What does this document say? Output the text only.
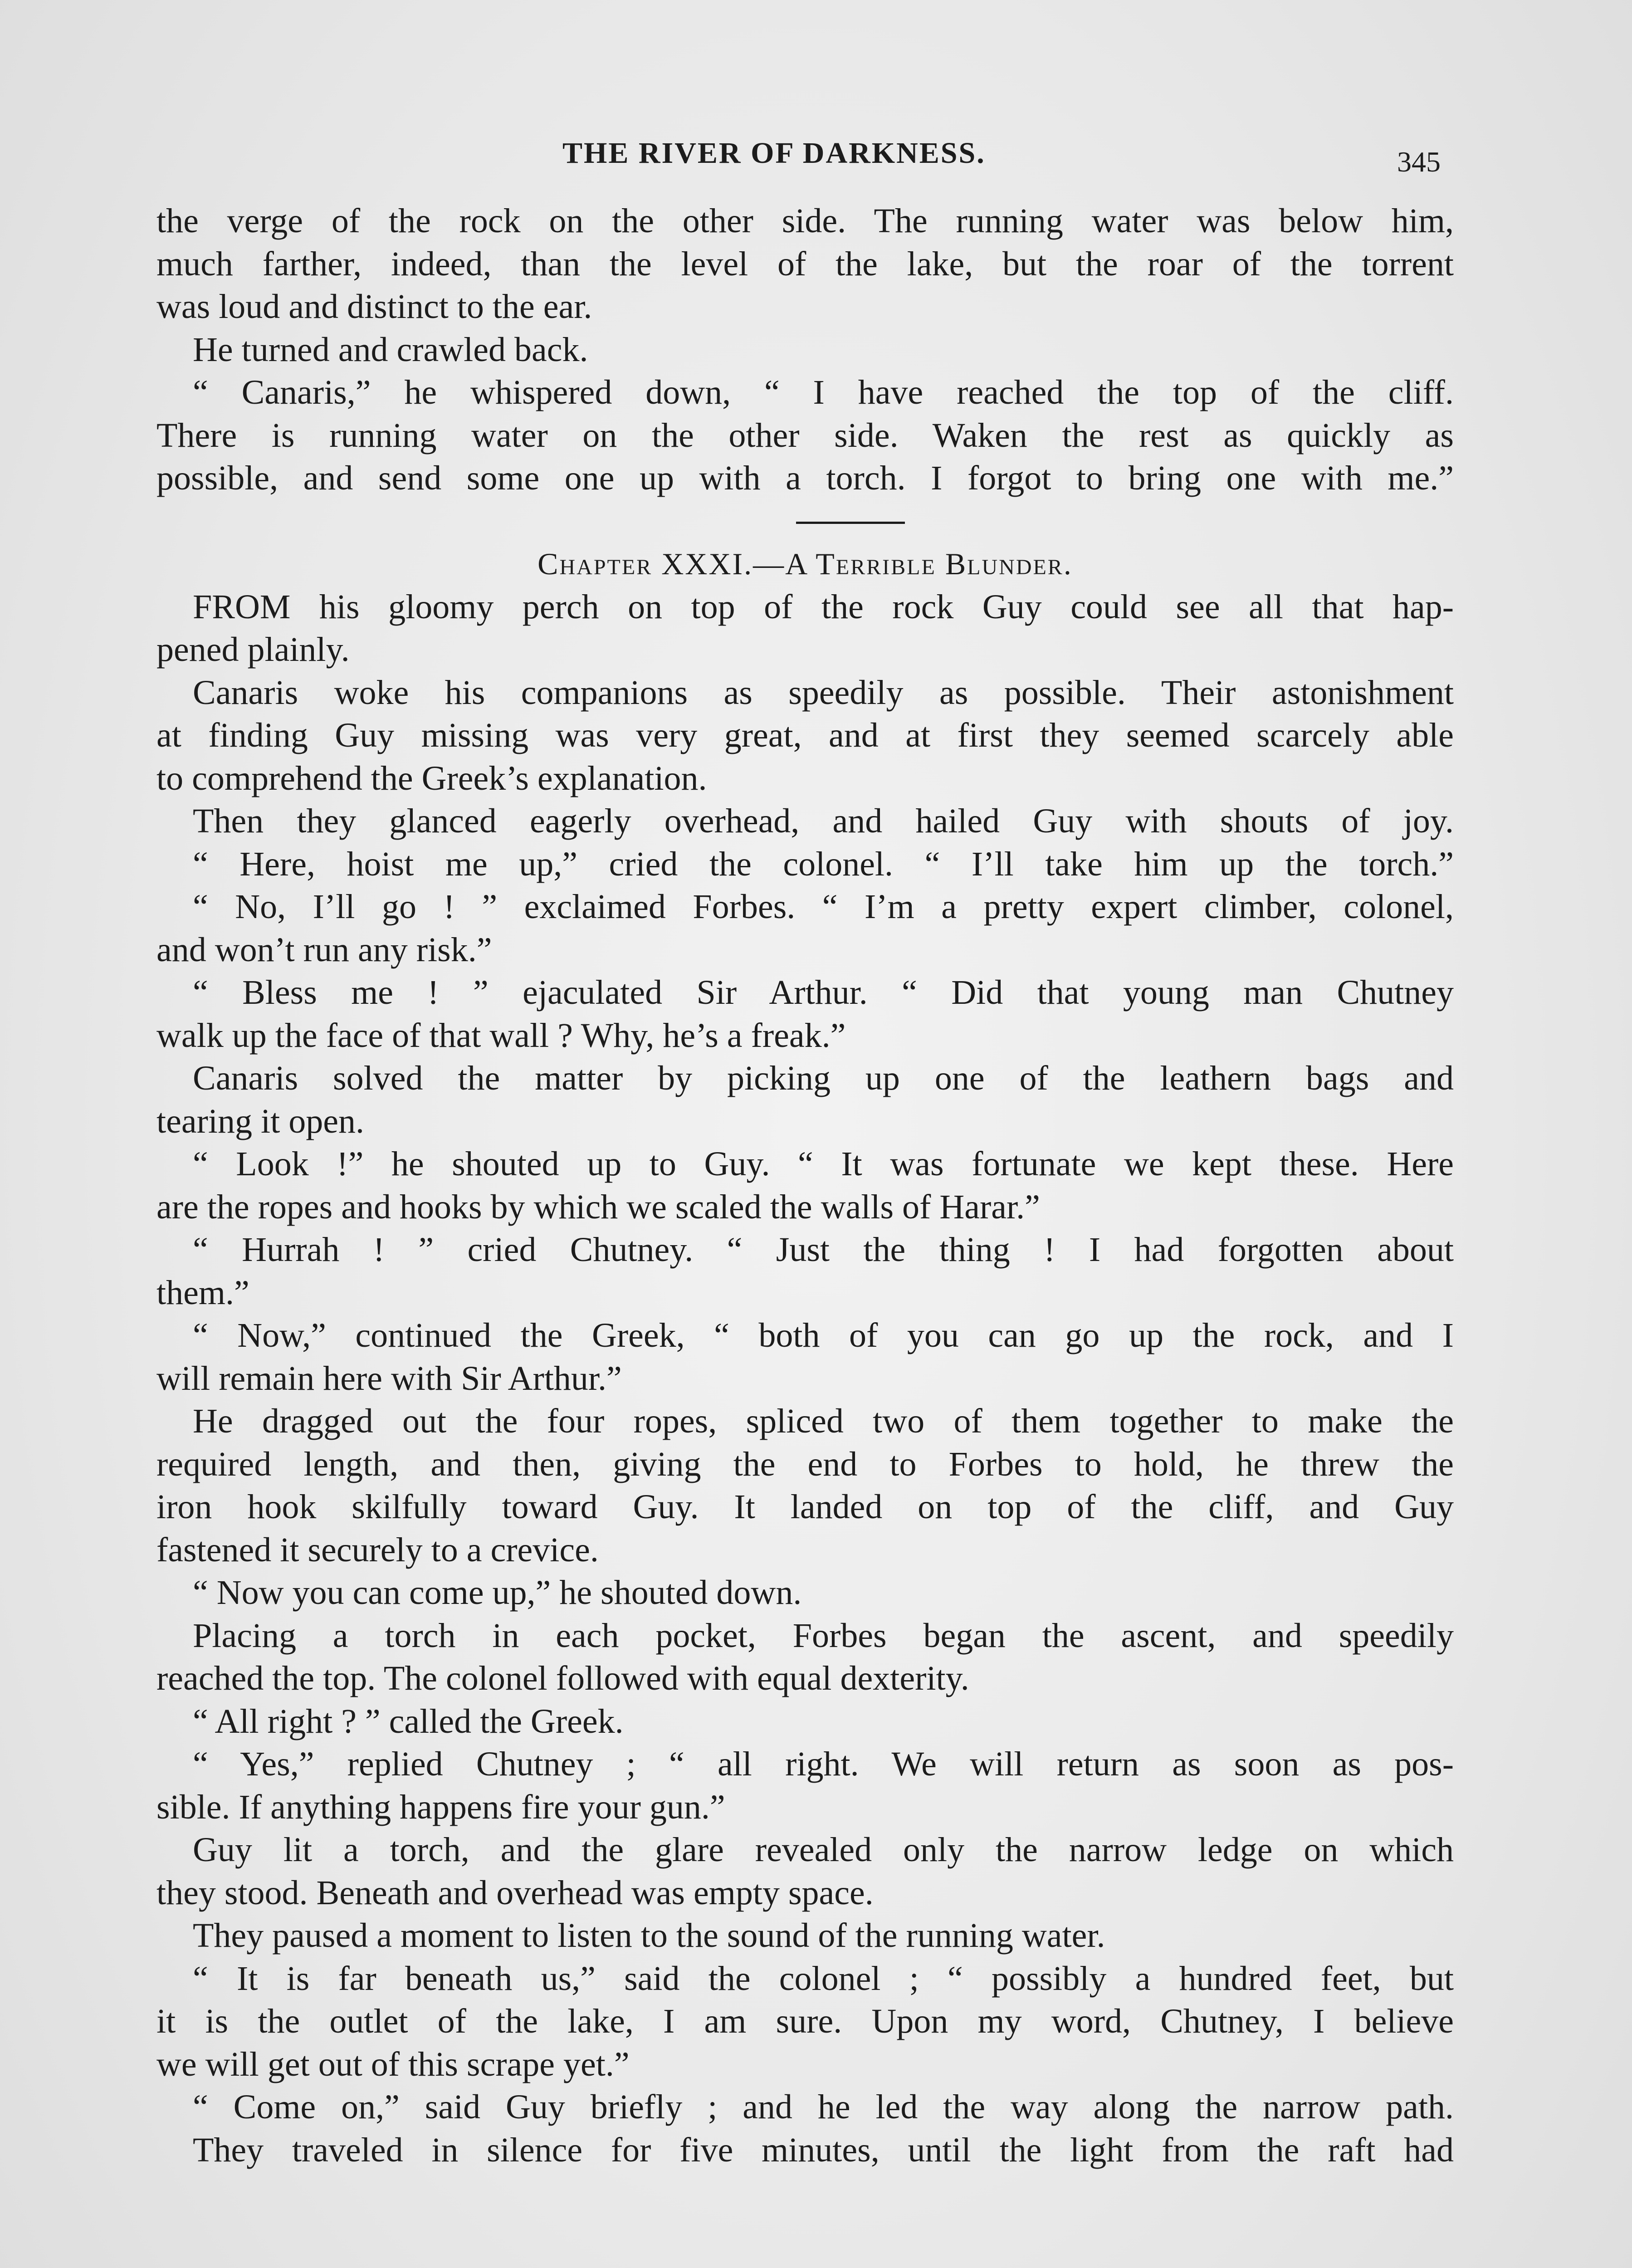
THE RIVER OF DARKNESS.	345
the verge of the rock on the other side. The running water was below him,
much farther, indeed, than the level of the lake, but the roar of the torrent
was loud and distinct to the ear.
He turned and crawled back.
“ Canaris,” he whispered down, “ I have reached the top of the cliff.
There is running water on the other side. Waken the rest as quickly as
possible, and send some one up with a torch. I forgot to bring one with me.”
Chapter XXXI.—A Terrible Blunder.
FROM his gloomy perch on top of the rock Guy could see all that hap-
pened plainly.
Canaris woke his companions as speedily as possible. Their astonishment
at finding Guy missing was very great, and at first they seemed scarcely able
to comprehend the Greek’s explanation.
Then they glanced eagerly overhead, and hailed Guy with shouts of joy.
“ Here, hoist me up,” cried the colonel. “ I’ll take him up the torch.”
“ No, I’ll go ! ” exclaimed Forbes. “ I’m a pretty expert climber, colonel,
and won’t run any risk.”
“ Bless me ! ” ejaculated Sir Arthur. “ Did that young man Chutney
walk up the face of that wall ? Why, he’s a freak.”
Canaris solved the matter by picking up one of the leathern bags and
tearing it open.
“ Look !” he shouted up to Guy. “ It was fortunate we kept these. Here
are the ropes and hooks by which we scaled the walls of Harar.”
“ Hurrah ! ” cried Chutney. “ Just the thing ! I had forgotten about
them.”
“ Now,” continued the Greek, “ both of you can go up the rock, and I
will remain here with Sir Arthur.”
He dragged out the four ropes, spliced two of them together to make the
required length, and then, giving the end to Forbes to hold, he threw the
iron hook skilfully toward Guy. It landed on top of the cliff, and Guy
fastened it securely to a crevice.
“ Now you can come up,” he shouted down.
Placing a torch in each pocket, Forbes began the ascent, and speedily
reached the top. The colonel followed with equal dexterity.
“ All right ? ” called the Greek.
“ Yes,” replied Chutney ; “ all right. We will return as soon as pos-
sible. If anything happens fire your gun.”
Guy lit a torch, and the glare revealed only the narrow ledge on which
they stood. Beneath and overhead was empty space.
They paused a moment to listen to the sound of the running water.
“ It is far beneath us,” said the colonel ; “ possibly a hundred feet, but
it is the outlet of the lake, I am sure. Upon my word, Chutney, I believe
we will get out of this scrape yet.”
“ Come on,” said Guy briefly ; and he led the way along the narrow path.
They traveled in silence for five minutes, until the light from the raft had
